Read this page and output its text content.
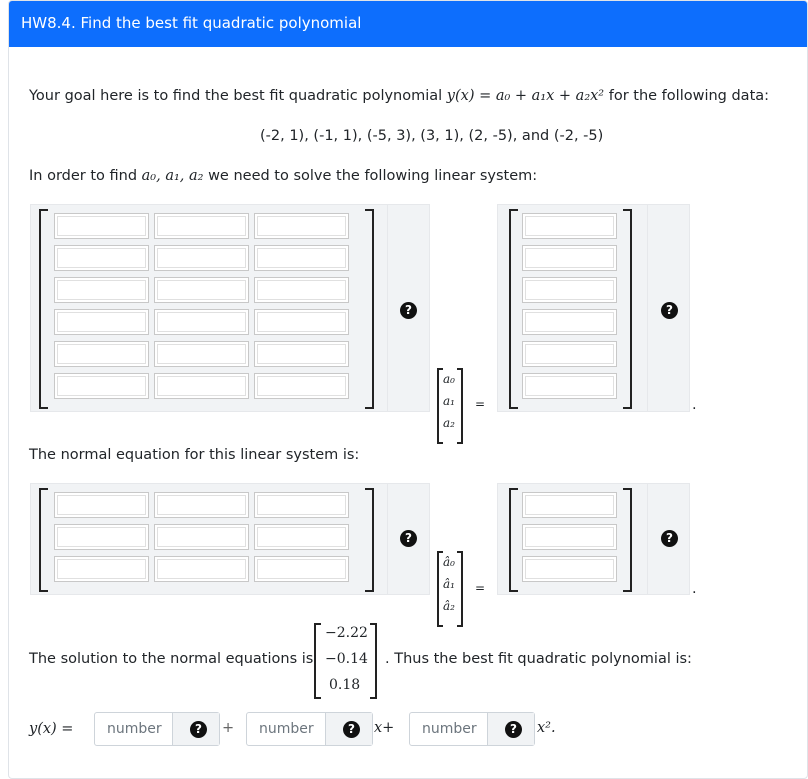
HW8.4. Find the best fit quadratic polynomial
Your goal here is to find the best fit quadratic polynomial y(x) = a₀ + a₁x + a₂x² for the following data:
(-2, 1), (-1, 1), (-5, 3), (3, 1), (2, -5), and (-2, -5)
In order to find a₀, a₁, a₂ we need to solve the following linear system:
?
a₀
a₁
a₂
=
?
.
The normal equation for this linear system is:
?
â₀
â₁
â₂
=
?
.
The solution to the normal equations is
−2.22
−0.14
0.18
. Thus the best fit quadratic polynomial is:
y(x) = number	?	+ number	?	x+ number	?	x².
